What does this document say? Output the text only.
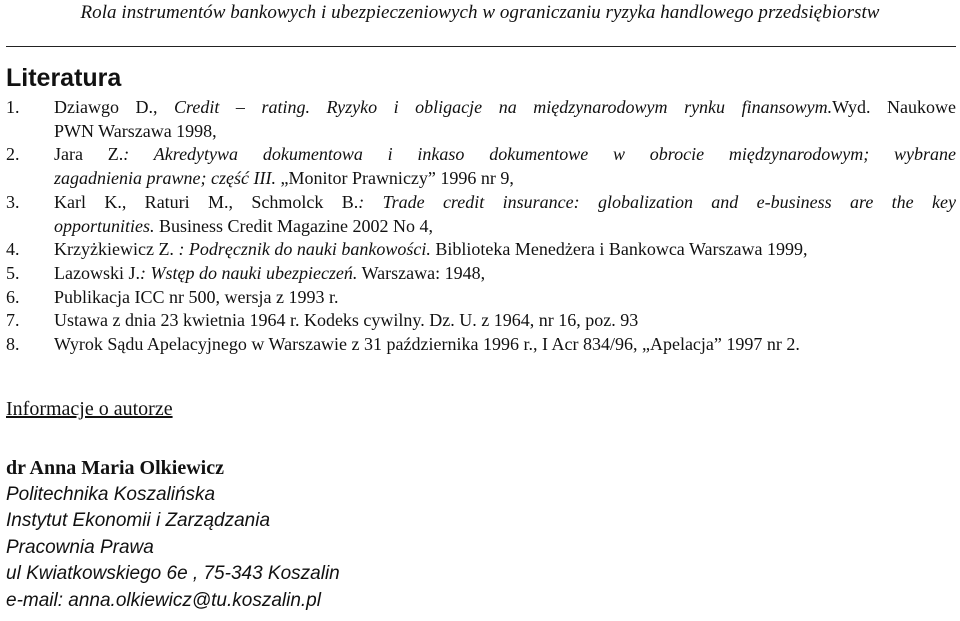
Rola instrumentów bankowych i ubezpieczeniowych w ograniczaniu ryzyka handlowego przedsiębiorstw
Literatura
1.	Dziawgo D., Credit – rating. Ryzyko i obligacje na międzynarodowym rynku finansowym.Wyd. Naukowe
PWN Warszawa 1998,
2.	Jara Z.: Akredytywa dokumentowa i inkaso dokumentowe w obrocie międzynarodowym; wybrane
zagadnienia prawne; część III. „Monitor Prawniczy” 1996 nr 9,
3.	Karl K., Raturi M., Schmolck B.: Trade credit insurance: globalization and e-business are the key
opportunities. Business Credit Magazine 2002 No 4,
4.	Krzyżkiewicz Z. : Podręcznik do nauki bankowości. Biblioteka Menedżera i Bankowca Warszawa 1999,
5.	Lazowski J.: Wstęp do nauki ubezpieczeń. Warszawa: 1948,
6.	Publikacja ICC nr 500, wersja z 1993 r.
7.	Ustawa z dnia 23 kwietnia 1964 r. Kodeks cywilny. Dz. U. z 1964, nr 16, poz. 93
8.	Wyrok Sądu Apelacyjnego w Warszawie z 31 października 1996 r., I Acr 834/96, „Apelacja” 1997 nr 2.
Informacje o autorze
dr Anna Maria Olkiewicz
Politechnika Koszalińska
Instytut Ekonomii i Zarządzania
Pracownia Prawa
ul Kwiatkowskiego 6e , 75-343 Koszalin
e-mail: anna.olkiewicz@tu.koszalin.pl
